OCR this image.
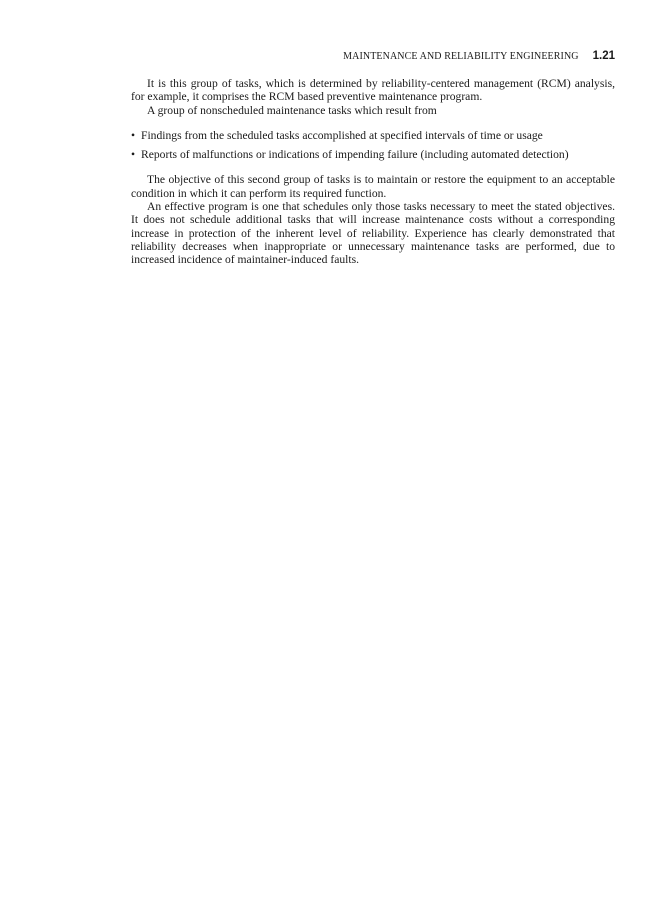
MAINTENANCE AND RELIABILITY ENGINEERING 1.21

It is this group of tasks, which is determined by reliability-centered management (RCM) analysis, for example, it comprises the RCM based preventive maintenance program.

A group of nonscheduled maintenance tasks which result from

• Findings from the scheduled tasks accomplished at specified intervals of time or usage
• Reports of malfunctions or indications of impending failure (including automated detection)

The objective of this second group of tasks is to maintain or restore the equipment to an acceptable condition in which it can perform its required function.

An effective program is one that schedules only those tasks necessary to meet the stated objectives. It does not schedule additional tasks that will increase maintenance costs without a corresponding increase in protection of the inherent level of reliability. Experience has clearly demonstrated that reliability decreases when inappropriate or unnecessary maintenance tasks are performed, due to increased incidence of maintainer-induced faults.
